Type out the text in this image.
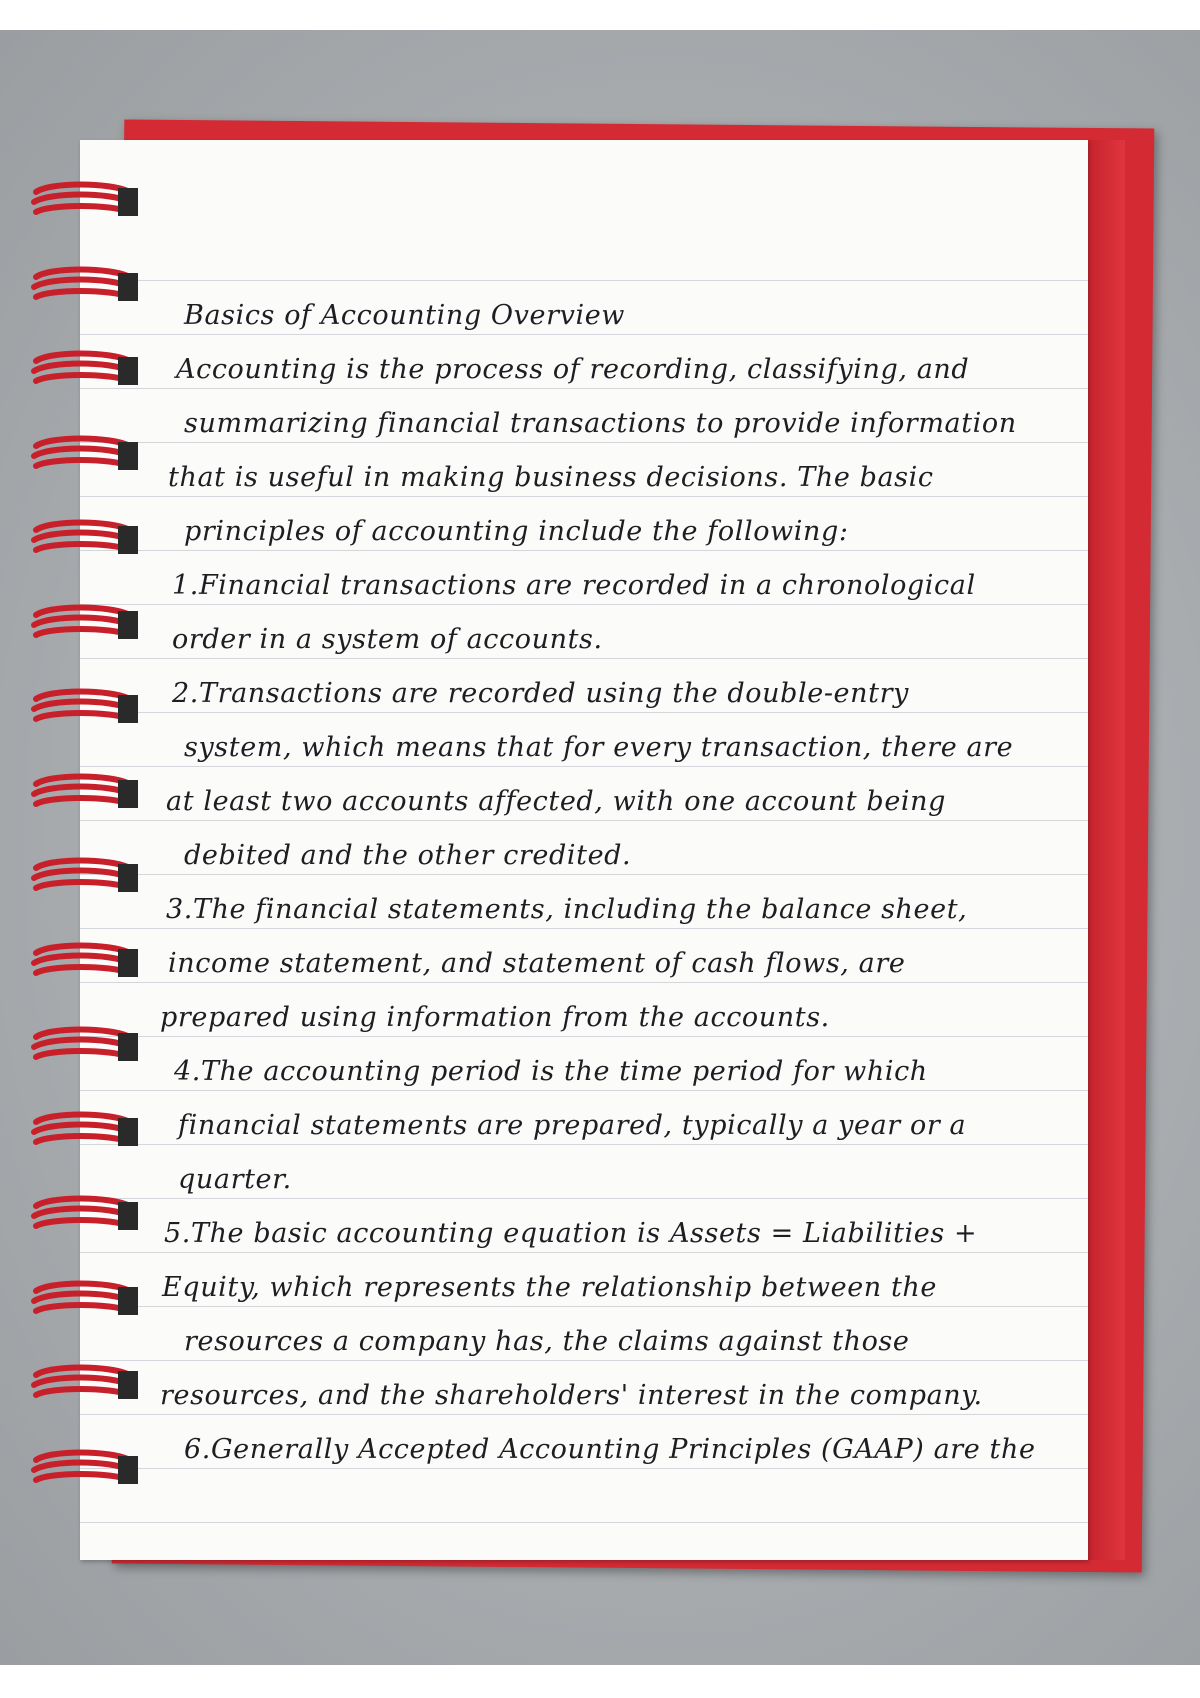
Basics of Accounting Overview
Accounting is the process of recording, classifying, and
summarizing financial transactions to provide information
that is useful in making business decisions. The basic
principles of accounting include the following:
1.Financial transactions are recorded in a chronological
order in a system of accounts.
2.Transactions are recorded using the double-entry
system, which means that for every transaction, there are
at least two accounts affected, with one account being
debited and the other credited.
3.The financial statements, including the balance sheet,
income statement, and statement of cash flows, are
prepared using information from the accounts.
4.The accounting period is the time period for which
financial statements are prepared, typically a year or a
quarter.
5.The basic accounting equation is Assets = Liabilities +
Equity, which represents the relationship between the
resources a company has, the claims against those
resources, and the shareholders' interest in the company.
6.Generally Accepted Accounting Principles (GAAP) are the
